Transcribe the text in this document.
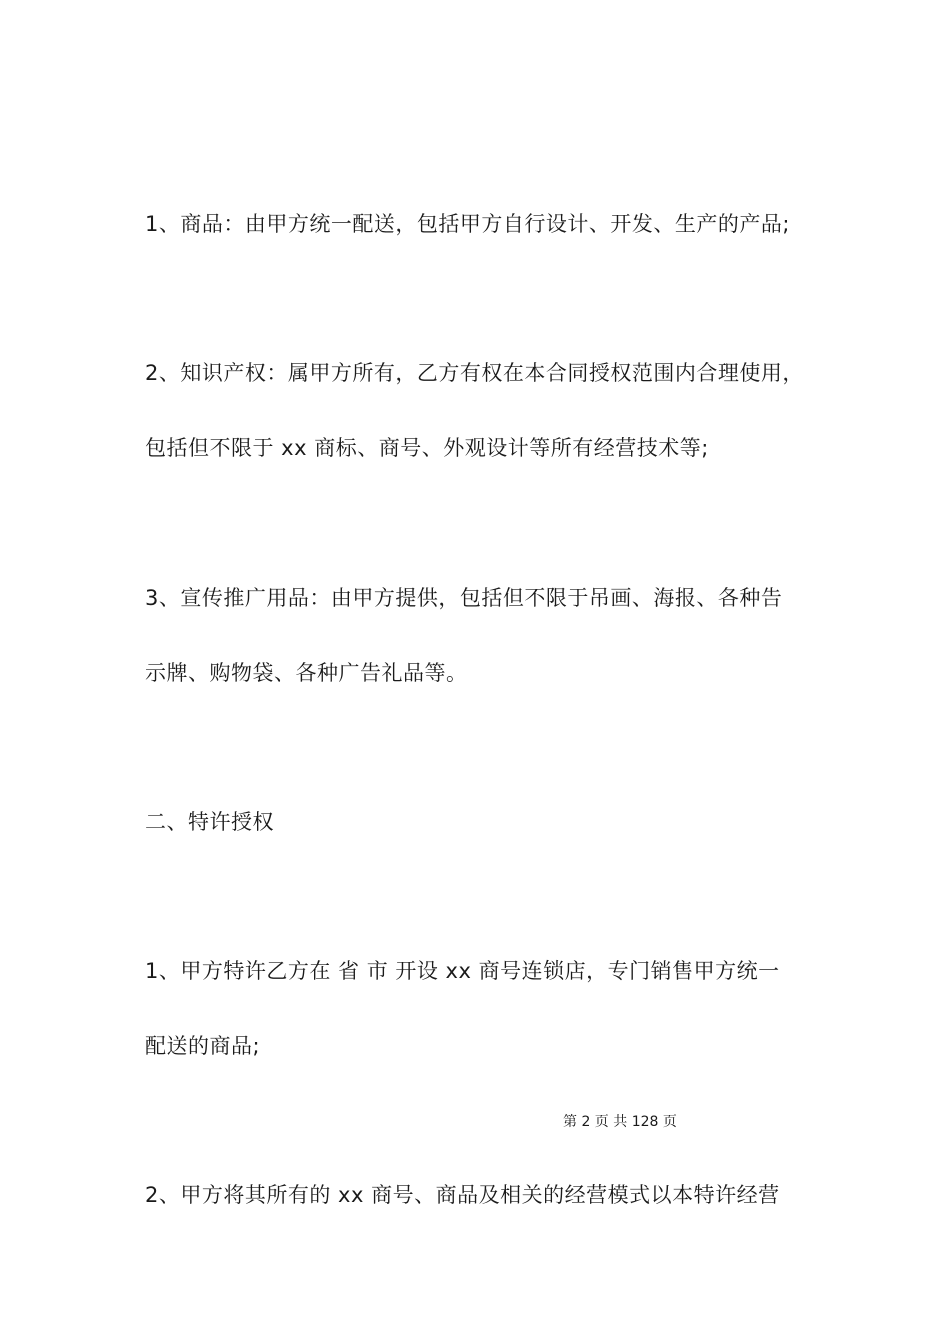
1、商品：由甲方统一配送，包括甲方自行设计、开发、生产的产品;
2、知识产权：属甲方所有，乙方有权在本合同授权范围内合理使用，
包括但不限于 xx 商标、商号、外观设计等所有经营技术等;
3、宣传推广用品：由甲方提供，包括但不限于吊画、海报、各种告
示牌、购物袋、各种广告礼品等。
二、特许授权
1、甲方特许乙方在 省 市 开设 xx 商号连锁店，专门销售甲方统一
配送的商品;
第 2 页 共 128 页
2、甲方将其所有的 xx 商号、商品及相关的经营模式以本特许经营
